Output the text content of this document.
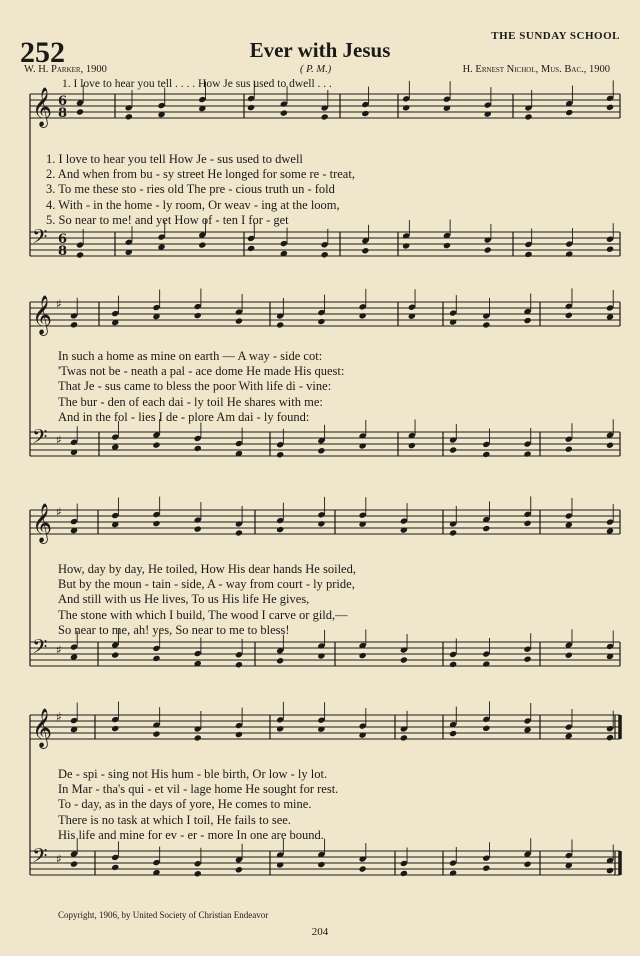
252	Ever with Jesus
THE SUNDAY SCHOOL
W. H. Parker, 1900	( P. M.)	H. Ernest Nichol, Mus. Bac., 1900
1. I love to hear you tell . . . . How Je sus used to dwell . . .
𝄞
𝄢
6
8
6
8
𝄞
𝄢
♯
♯
𝄞
𝄢
♯
♯
𝄞
𝄢
♯
♯
1. I love to hear you tell How Je - sus used to dwell
2. And when from bu - sy street He longed for some re - treat,
3. To me these sto - ries old The pre - cious truth un - fold
4. With - in the home - ly room, Or weav - ing at the loom,
5. So near to me! and yet How of - ten I for - get
In such a home as mine on earth — A way - side cot:
'Twas not be - neath a pal - ace dome He made His quest:
That Je - sus came to bless the poor With life di - vine:
The bur - den of each dai - ly toil He shares with me:
And in the fol - lies I de - plore Am dai - ly found:
How, day by day, He toiled, How His dear hands He soiled,
But by the moun - tain - side, A - way from court - ly pride,
And still with us He lives, To us His life He gives,
The stone with which I build, The wood I carve or gild,—
So near to me, ah! yes, So near to me to bless!
De - spi - sing not His hum - ble birth, Or low - ly lot.
In Mar - tha's qui - et vil - lage home He sought for rest.
To - day, as in the days of yore, He comes to mine.
There is no task at which I toil, He fails to see.
His life and mine for ev - er - more In one are bound.
Copyright, 1906, by United Society of Christian Endeavor
204
